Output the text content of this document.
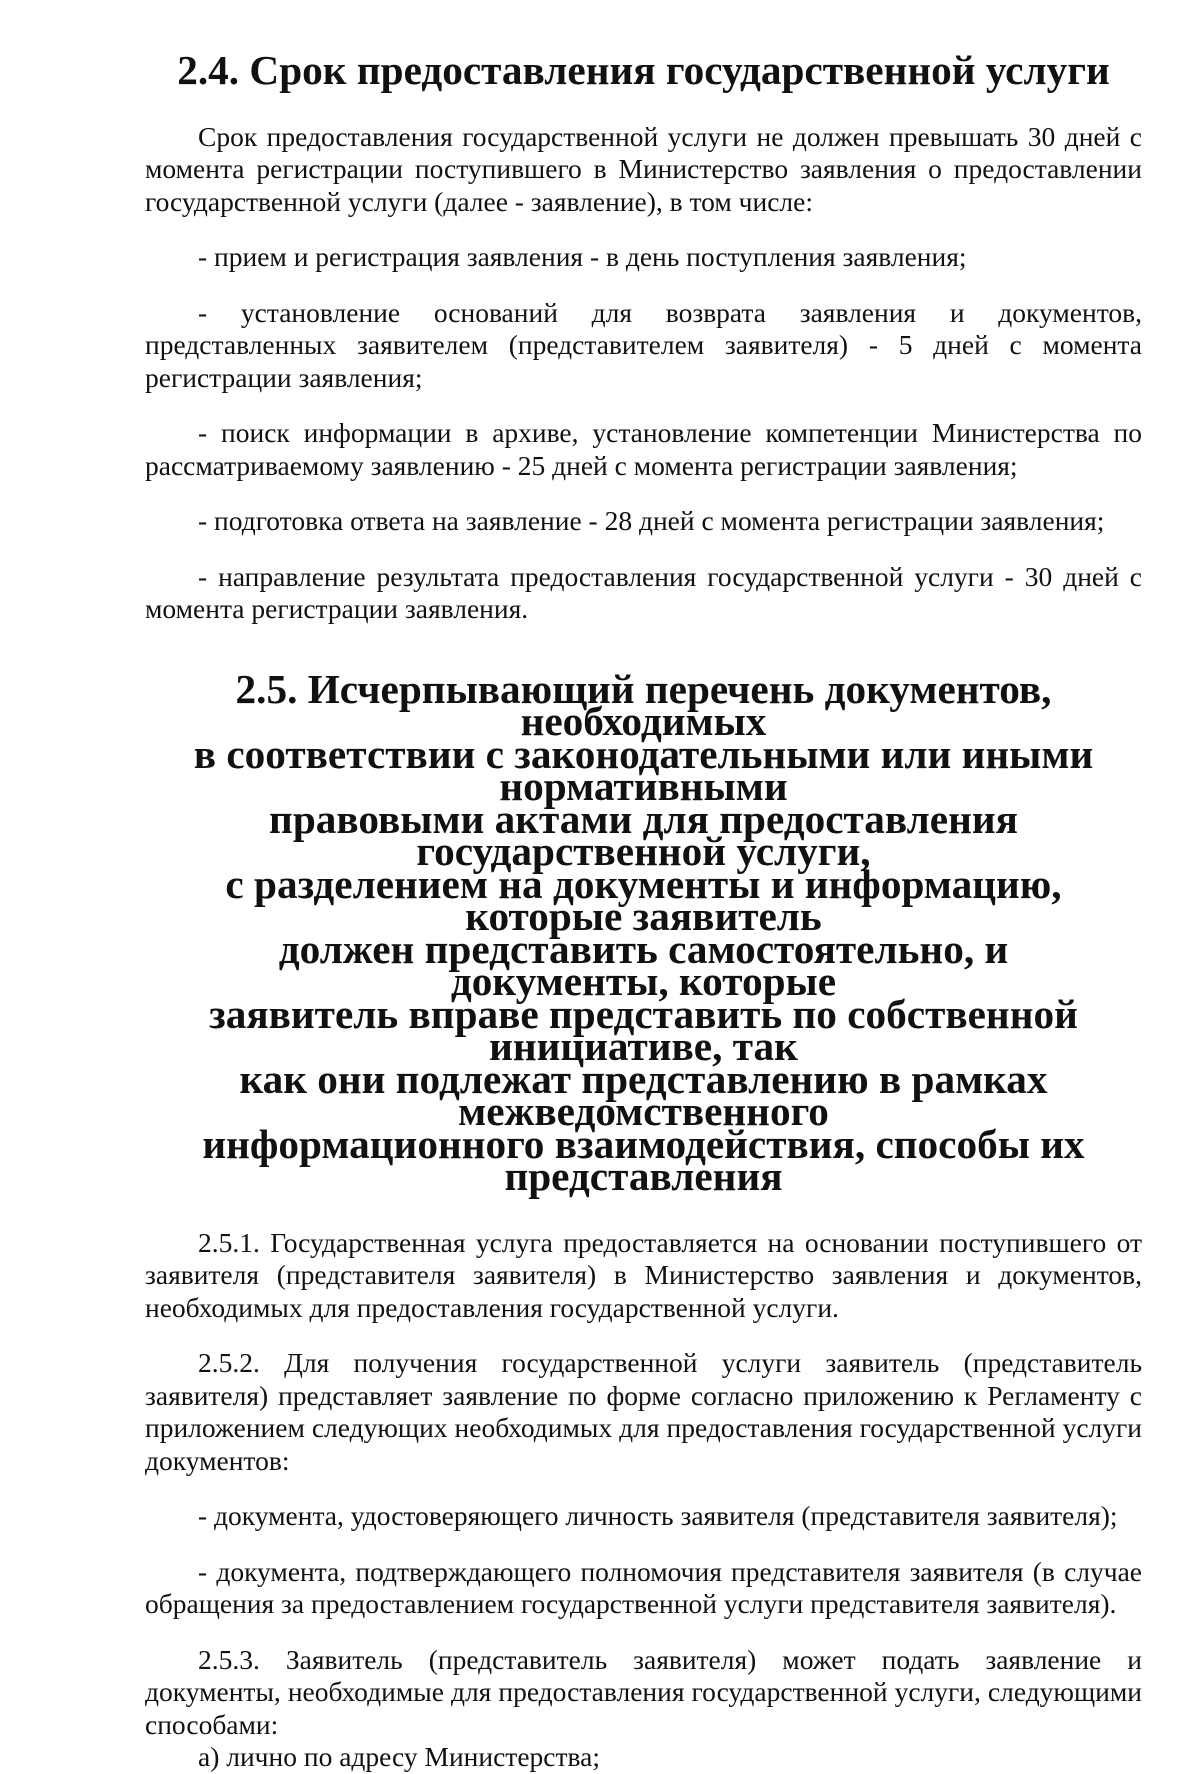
2.4. Срок предоставления государственной услуги

Срок предоставления государственной услуги не должен превышать 30 дней с момента регистрации поступившего в Министерство заявления о предоставлении государственной услуги (далее - заявление), в том числе:

- прием и регистрация заявления - в день поступления заявления;

- установление оснований для возврата заявления и документов, представленных заявителем (представителем заявителя) - 5 дней с момента регистрации заявления;

- поиск информации в архиве, установление компетенции Министерства по рассматриваемому заявлению - 25 дней с момента регистрации заявления;

- подготовка ответа на заявление - 28 дней с момента регистрации заявления;

- направление результата предоставления государственной услуги - 30 дней с момента регистрации заявления.

2.5. Исчерпывающий перечень документов, необходимых
в соответствии с законодательными или иными нормативными
правовыми актами для предоставления государственной услуги,
с разделением на документы и информацию, которые заявитель
должен представить самостоятельно, и документы, которые
заявитель вправе представить по собственной инициативе, так
как они подлежат представлению в рамках межведомственного
информационного взаимодействия, способы их представления

2.5.1. Государственная услуга предоставляется на основании поступившего от заявителя (представителя заявителя) в Министерство заявления и документов, необходимых для предоставления государственной услуги.

2.5.2. Для получения государственной услуги заявитель (представитель заявителя) представляет заявление по форме согласно приложению к Регламенту с приложением следующих необходимых для предоставления государственной услуги документов:

- документа, удостоверяющего личность заявителя (представителя заявителя);

- документа, подтверждающего полномочия представителя заявителя (в случае обращения за предоставлением государственной услуги представителя заявителя).

2.5.3. Заявитель (представитель заявителя) может подать заявление и документы, необходимые для предоставления государственной услуги, следующими способами:

а) лично по адресу Министерства;
